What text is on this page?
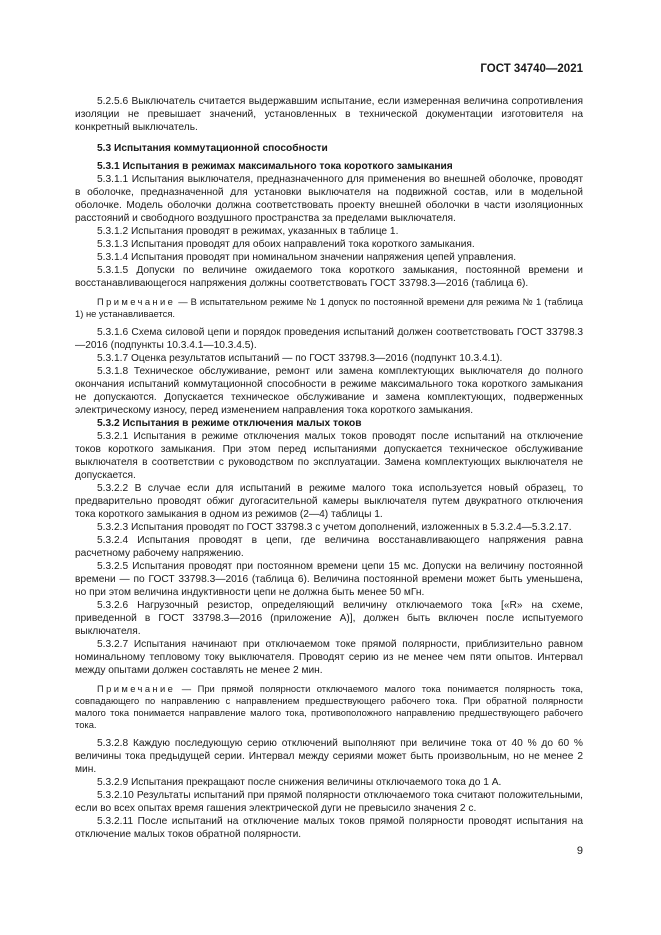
ГОСТ 34740—2021

5.2.5.6 Выключатель считается выдержавшим испытание, если измеренная величина сопротивления изоляции не превышает значений, установленных в технической документации изготовителя на конкретный выключатель.

5.3 Испытания коммутационной способности

5.3.1 Испытания в режимах максимального тока короткого замыкания

5.3.1.1 Испытания выключателя, предназначенного для применения во внешней оболочке, проводят в оболочке, предназначенной для установки выключателя на подвижной состав, или в модельной оболочке. Модель оболочки должна соответствовать проекту внешней оболочки в части изоляционных расстояний и свободного воздушного пространства за пределами выключателя.

5.3.1.2 Испытания проводят в режимах, указанных в таблице 1.

5.3.1.3 Испытания проводят для обоих направлений тока короткого замыкания.

5.3.1.4 Испытания проводят при номинальном значении напряжения цепей управления.

5.3.1.5 Допуски по величине ожидаемого тока короткого замыкания, постоянной времени и восстанавливающегося напряжения должны соответствовать ГОСТ 33798.3—2016 (таблица 6).

Примечание — В испытательном режиме № 1 допуск по постоянной времени для режима № 1 (таблица 1) не устанавливается.

5.3.1.6 Схема силовой цепи и порядок проведения испытаний должен соответствовать ГОСТ 33798.3—2016 (подпункты 10.3.4.1—10.3.4.5).

5.3.1.7 Оценка результатов испытаний — по ГОСТ 33798.3—2016 (подпункт 10.3.4.1).

5.3.1.8 Техническое обслуживание, ремонт или замена комплектующих выключателя до полного окончания испытаний коммутационной способности в режиме максимального тока короткого замыкания не допускаются. Допускается техническое обслуживание и замена комплектующих, подверженных электрическому износу, перед изменением направления тока короткого замыкания.

5.3.2 Испытания в режиме отключения малых токов

5.3.2.1 Испытания в режиме отключения малых токов проводят после испытаний на отключение токов короткого замыкания. При этом перед испытаниями допускается техническое обслуживание выключателя в соответствии с руководством по эксплуатации. Замена комплектующих выключателя не допускается.

5.3.2.2 В случае если для испытаний в режиме малого тока используется новый образец, то предварительно проводят обжиг дугогасительной камеры выключателя путем двукратного отключения тока короткого замыкания в одном из режимов (2—4) таблицы 1.

5.3.2.3 Испытания проводят по ГОСТ 33798.3 с учетом дополнений, изложенных в 5.3.2.4—5.3.2.17.

5.3.2.4 Испытания проводят в цепи, где величина восстанавливающего напряжения равна расчетному рабочему напряжению.

5.3.2.5 Испытания проводят при постоянном времени цепи 15 мс. Допуски на величину постоянной времени — по ГОСТ 33798.3—2016 (таблица 6). Величина постоянной времени может быть уменьшена, но при этом величина индуктивности цепи не должна быть менее 50 мГн.

5.3.2.6 Нагрузочный резистор, определяющий величину отключаемого тока [«R» на схеме, приведенной в ГОСТ 33798.3—2016 (приложение А)], должен быть включен после испытуемого выключателя.

5.3.2.7 Испытания начинают при отключаемом токе прямой полярности, приблизительно равном номинальному тепловому току выключателя. Проводят серию из не менее чем пяти опытов. Интервал между опытами должен составлять не менее 2 мин.

Примечание — При прямой полярности отключаемого малого тока понимается полярность тока, совпадающего по направлению с направлением предшествующего рабочего тока. При обратной полярности малого тока понимается направление малого тока, противоположного направлению предшествующего рабочего тока.

5.3.2.8 Каждую последующую серию отключений выполняют при величине тока от 40 % до 60 % величины тока предыдущей серии. Интервал между сериями может быть произвольным, но не менее 2 мин.

5.3.2.9 Испытания прекращают после снижения величины отключаемого тока до 1 А.

5.3.2.10 Результаты испытаний при прямой полярности отключаемого тока считают положительными, если во всех опытах время гашения электрической дуги не превысило значения 2 с.

5.3.2.11 После испытаний на отключение малых токов прямой полярности проводят испытания на отключение малых токов обратной полярности.

9
